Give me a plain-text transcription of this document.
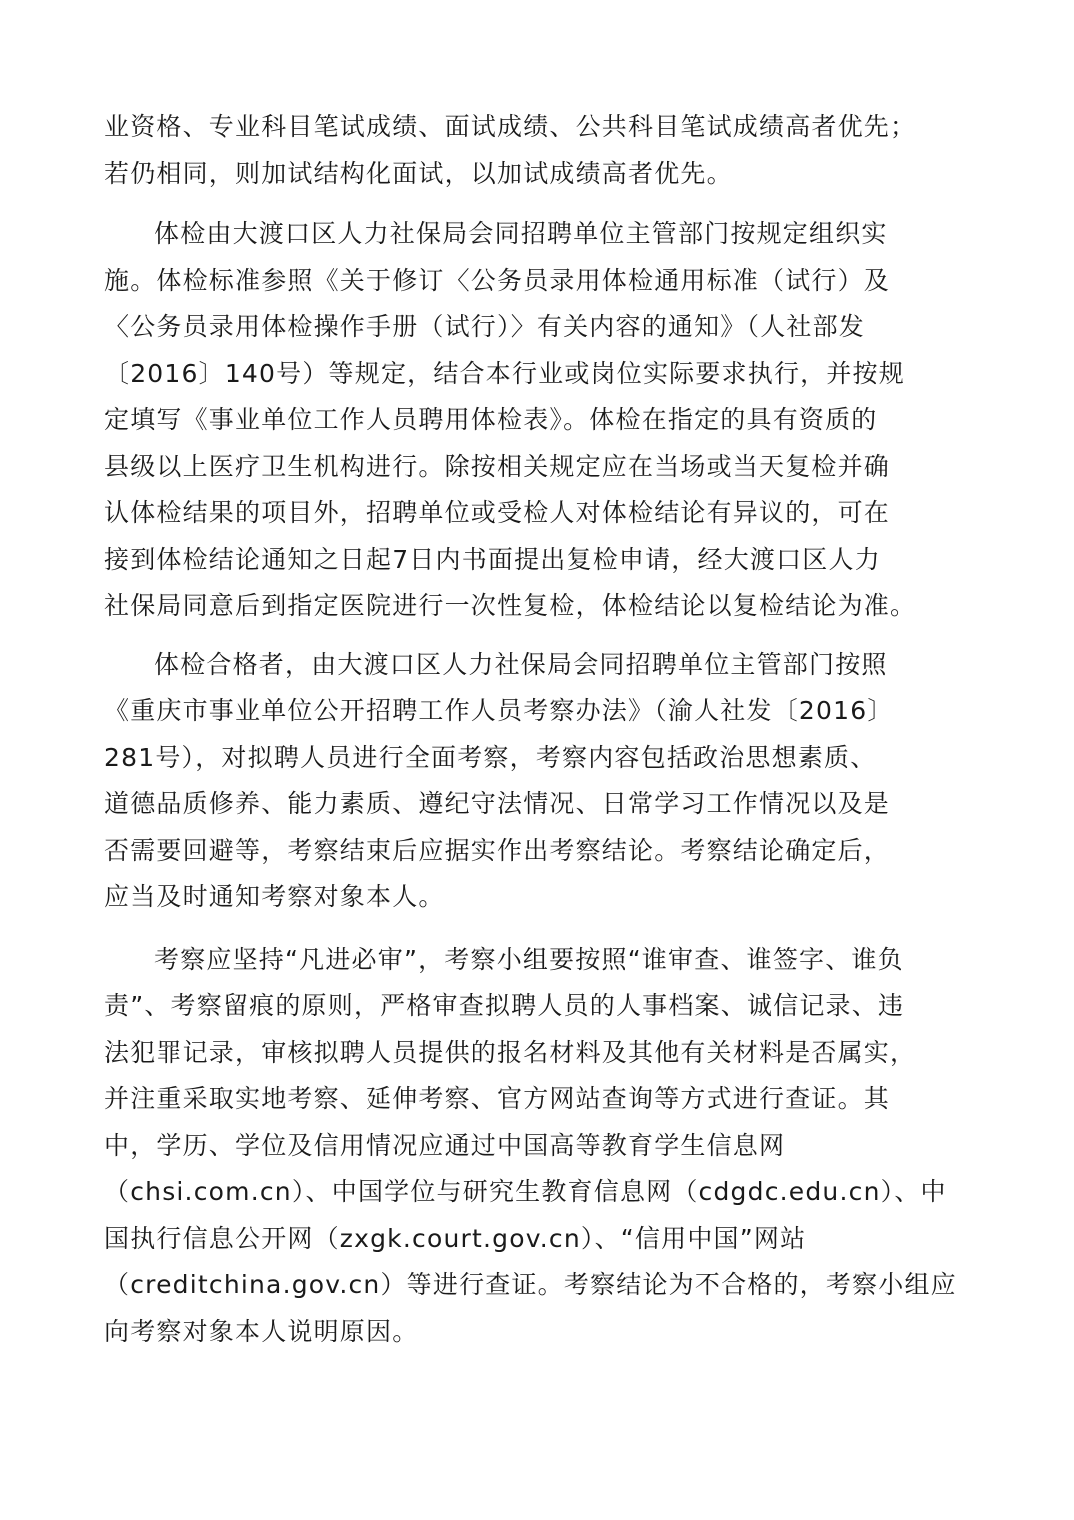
业资格、专业科目笔试成绩、面试成绩、公共科目笔试成绩高者优先；
若仍相同，则加试结构化面试，以加试成绩高者优先。
体检由大渡口区人力社保局会同招聘单位主管部门按规定组织实
施。体检标准参照《关于修订〈公务员录用体检通用标准（试行）及
〈公务员录用体检操作手册（试行）〉有关内容的通知》（人社部发
〔2016〕140号）等规定，结合本行业或岗位实际要求执行，并按规
定填写《事业单位工作人员聘用体检表》。体检在指定的具有资质的
县级以上医疗卫生机构进行。除按相关规定应在当场或当天复检并确
认体检结果的项目外，招聘单位或受检人对体检结论有异议的，可在
接到体检结论通知之日起7日内书面提出复检申请，经大渡口区人力
社保局同意后到指定医院进行一次性复检，体检结论以复检结论为准。
体检合格者，由大渡口区人力社保局会同招聘单位主管部门按照
《重庆市事业单位公开招聘工作人员考察办法》（渝人社发〔2016〕
281号），对拟聘人员进行全面考察，考察内容包括政治思想素质、
道德品质修养、能力素质、遵纪守法情况、日常学习工作情况以及是
否需要回避等，考察结束后应据实作出考察结论。考察结论确定后，
应当及时通知考察对象本人。
考察应坚持“凡进必审”，考察小组要按照“谁审查、谁签字、谁负
责”、考察留痕的原则，严格审查拟聘人员的人事档案、诚信记录、违
法犯罪记录，审核拟聘人员提供的报名材料及其他有关材料是否属实，
并注重采取实地考察、延伸考察、官方网站查询等方式进行查证。其
中，学历、学位及信用情况应通过中国高等教育学生信息网
（chsi.com.cn）、中国学位与研究生教育信息网（cdgdc.edu.cn）、中
国执行信息公开网（zxgk.court.gov.cn）、“信用中国”网站
（creditchina.gov.cn）等进行查证。考察结论为不合格的，考察小组应
向考察对象本人说明原因。
